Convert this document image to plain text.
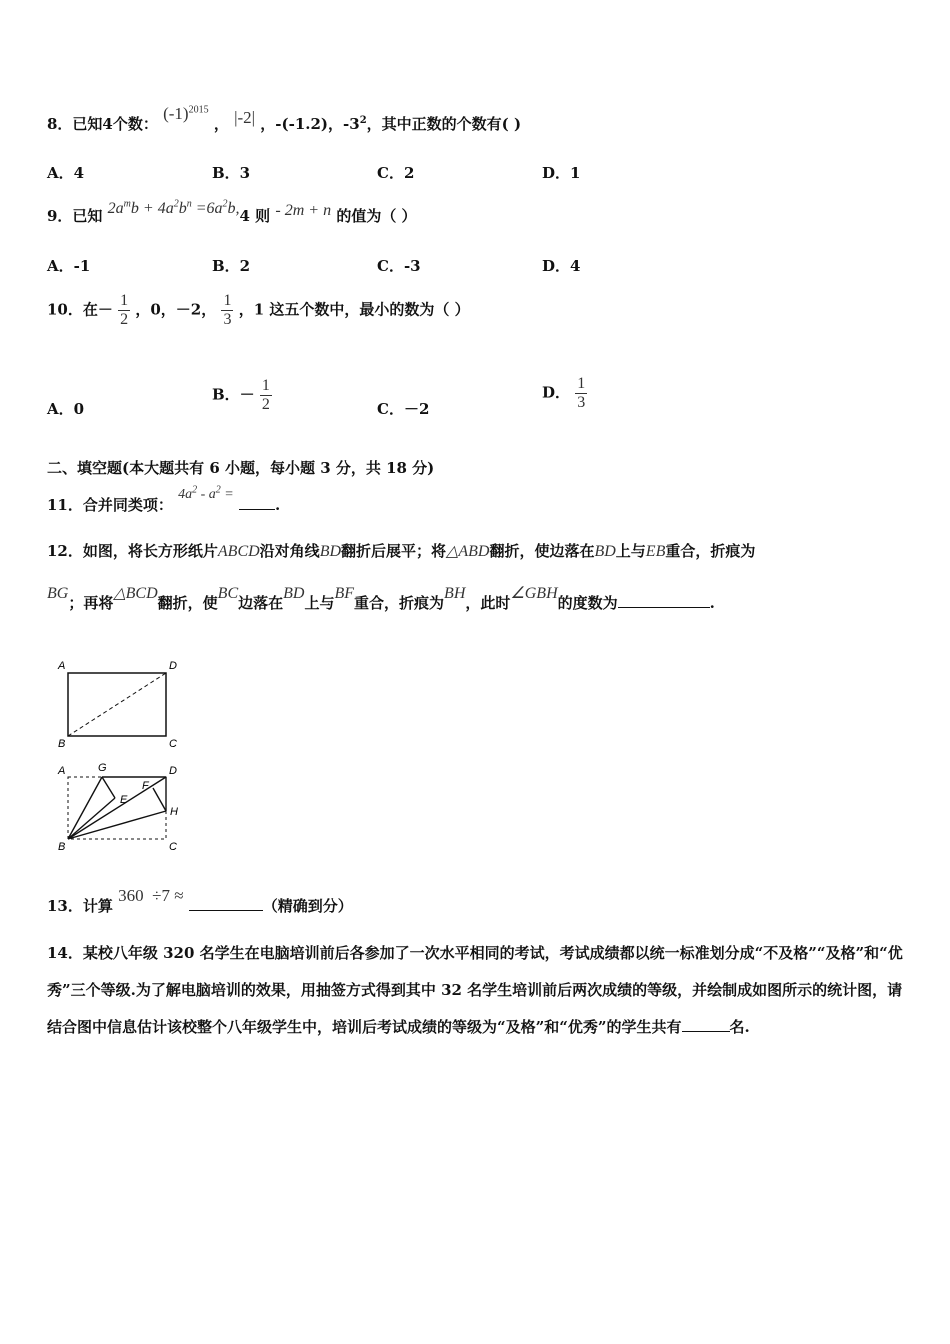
8．已知4个数： $(-1)^{2015}$ ， |-2| ，-(-1.2)，$-3^2$，其中正数的个数有( )
A．4	B．3	C．2	D．1
9．已知 $2a^mb + 4a^2b^n =6a^2b,4$ 则 - 2m + n 的值为（ ）
A．-1	B．2	C．-3	D．4
10．在－ $\frac{1}{2}$ ，0，－2， $\frac{1}{3}$ ，1 这五个数中，最小的数为（ ）
A．0
B．－ $\frac{1}{2}$	C．－2
D． $\frac{1}{3}$
二、填空题(本大题共有 6 小题，每小题 3 分，共 18 分)
11．合并同类项： $4a^2 - a^2$ = .
12．如图，将长方形纸片ABCD沿对角线BD翻折后展平；将△ABD翻折，使边落在BD上与EB重合，折痕为
BG；再将△BCD翻折，使BC边落在BD上与BF重合，折痕为BH，此时∠GBH的度数为	.
A	D
B	C
A	G	D
E
F
H
B	C
13．计算 360 ÷7 ≈ （精确到分）
14．某校八年级 320 名学生在电脑培训前后各参加了一次水平相同的考试，考试成绩都以统一标准划分成“不及格”“及格”和“优秀”三个等级.为了解电脑培训的效果，用抽签方式得到其中 32 名学生培训前后两次成绩的等级，并绘制成如图所示的统计图，请结合图中信息估计该校整个八年级学生中，培训后考试成绩的等级为“及格”和“优秀”的学生共有	名.
